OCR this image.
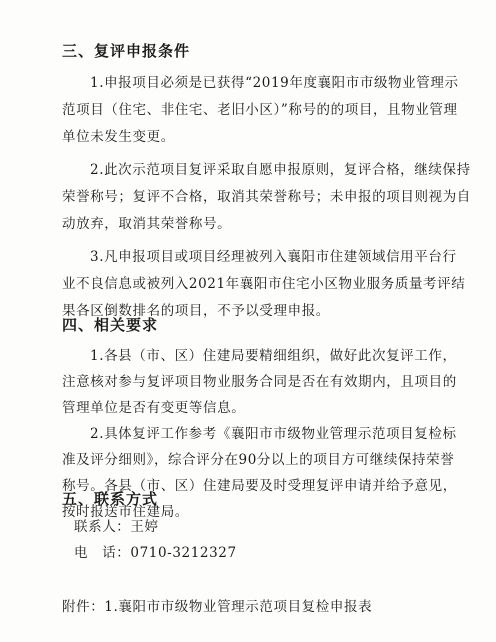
三、复评申报条件
1.申报项目必须是已获得“2019年度襄阳市市级物业管理示
范项目（住宅、非住宅、老旧小区）”称号的的项目，且物业管理
单位未发生变更。
2.此次示范项目复评采取自愿申报原则，复评合格，继续保持
荣誉称号；复评不合格，取消其荣誉称号；未申报的项目则视为自
动放弃，取消其荣誉称号。
3.凡申报项目或项目经理被列入襄阳市住建领域信用平台行
业不良信息或被列入2021年襄阳市住宅小区物业服务质量考评结
果各区倒数排名的项目，不予以受理申报。
四、相关要求
1.各县（市、区）住建局要精细组织，做好此次复评工作，
注意核对参与复评项目物业服务合同是否在有效期内，且项目的
管理单位是否有变更等信息。
2.具体复评工作参考《襄阳市市级物业管理示范项目复检标
准及评分细则》，综合评分在90分以上的项目方可继续保持荣誉
称号。各县（市、区）住建局要及时受理复评申请并给予意见，
按时报送市住建局。
五、联系方式
联系人：王婷
电　话：0710-3212327
附件：1.襄阳市市级物业管理示范项目复检申报表
